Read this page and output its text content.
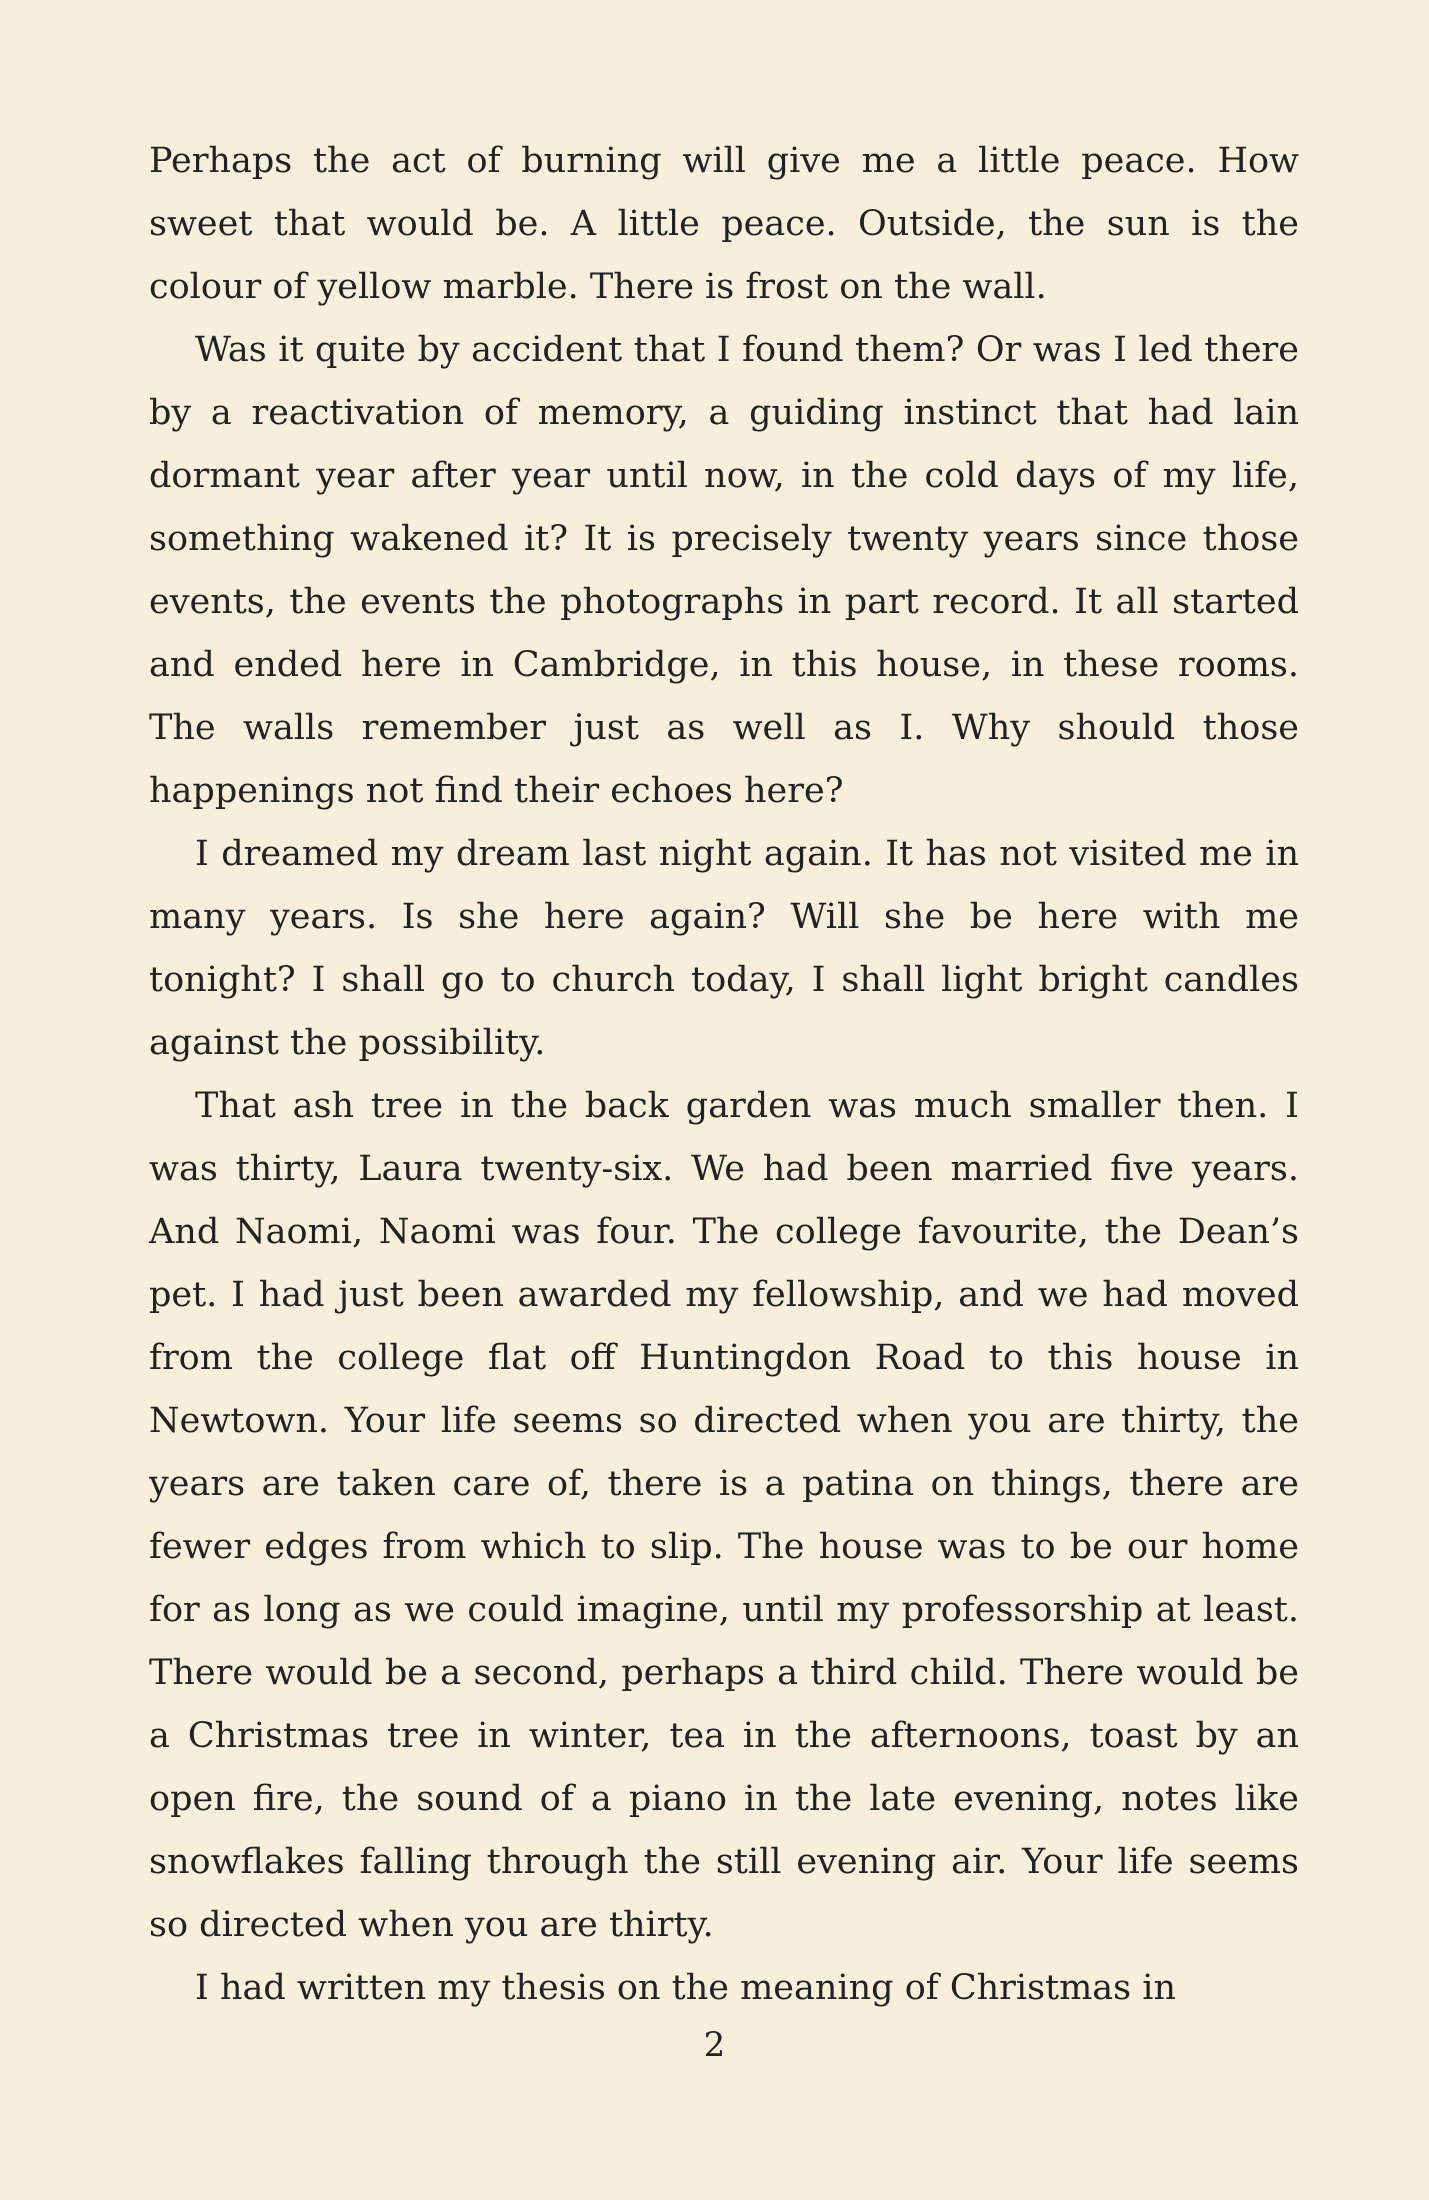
Perhaps the act of burning will give me a little peace. How sweet that would be. A little peace. Outside, the sun is the colour of yellow marble. There is frost on the wall.

Was it quite by accident that I found them? Or was I led there by a reactivation of memory, a guiding instinct that had lain dormant year after year until now, in the cold days of my life, something wakened it? It is precisely twenty years since those events, the events the photographs in part record. It all started and ended here in Cambridge, in this house, in these rooms. The walls remember just as well as I. Why should those happenings not find their echoes here?

I dreamed my dream last night again. It has not visited me in many years. Is she here again? Will she be here with me tonight? I shall go to church today, I shall light bright candles against the possibility.

That ash tree in the back garden was much smaller then. I was thirty, Laura twenty-six. We had been married five years. And Naomi, Naomi was four. The college favourite, the Dean’s pet. I had just been awarded my fellowship, and we had moved from the college flat off Huntingdon Road to this house in Newtown. Your life seems so directed when you are thirty, the years are taken care of, there is a patina on things, there are fewer edges from which to slip. The house was to be our home for as long as we could imagine, until my professorship at least. There would be a second, perhaps a third child. There would be a Christmas tree in winter, tea in the afternoons, toast by an open fire, the sound of a piano in the late evening, notes like snowflakes falling through the still evening air. Your life seems so directed when you are thirty.

I had written my thesis on the meaning of Christmas in

2
